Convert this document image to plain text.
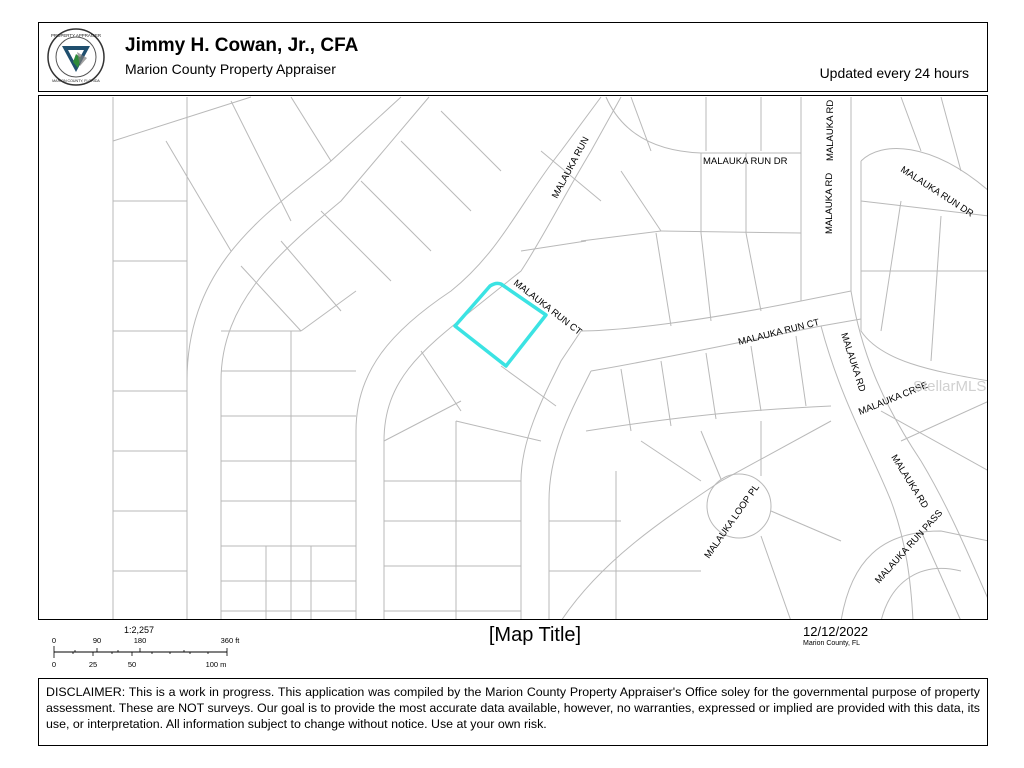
PROPERTY APPRAISER
MARION COUNTY, FLORIDA
Jimmy H. Cowan, Jr., CFA
Marion County Property Appraiser	Updated every 24 hours
MALAUKA RUN	MALAUKA RUN DR
MALAUKA RD
MALAUKA RD
MALAUKA RUN DR
MALAUKA RUN CT	MALAUKA RUN CT MALAUKA RD
MALAUKA CRSE
MALAUKA RD
MALAUKA LOOP PL	MALAUKA RUN PASS
StellarMLS
1:2,257
0	90	180	360 ft
0	25	50	100 m
[Map Title]	12/12/2022
Marion County, FL
DISCLAIMER: This is a work in progress. This application was compiled by the Marion County Property Appraiser's Office soley for the governmental purpose of property assessment. These are NOT surveys. Our goal is to provide the most accurate data available, however, no warranties, expressed or implied are provided with this data, its use, or interpretation. All information subject to change without notice. Use at your own risk.
